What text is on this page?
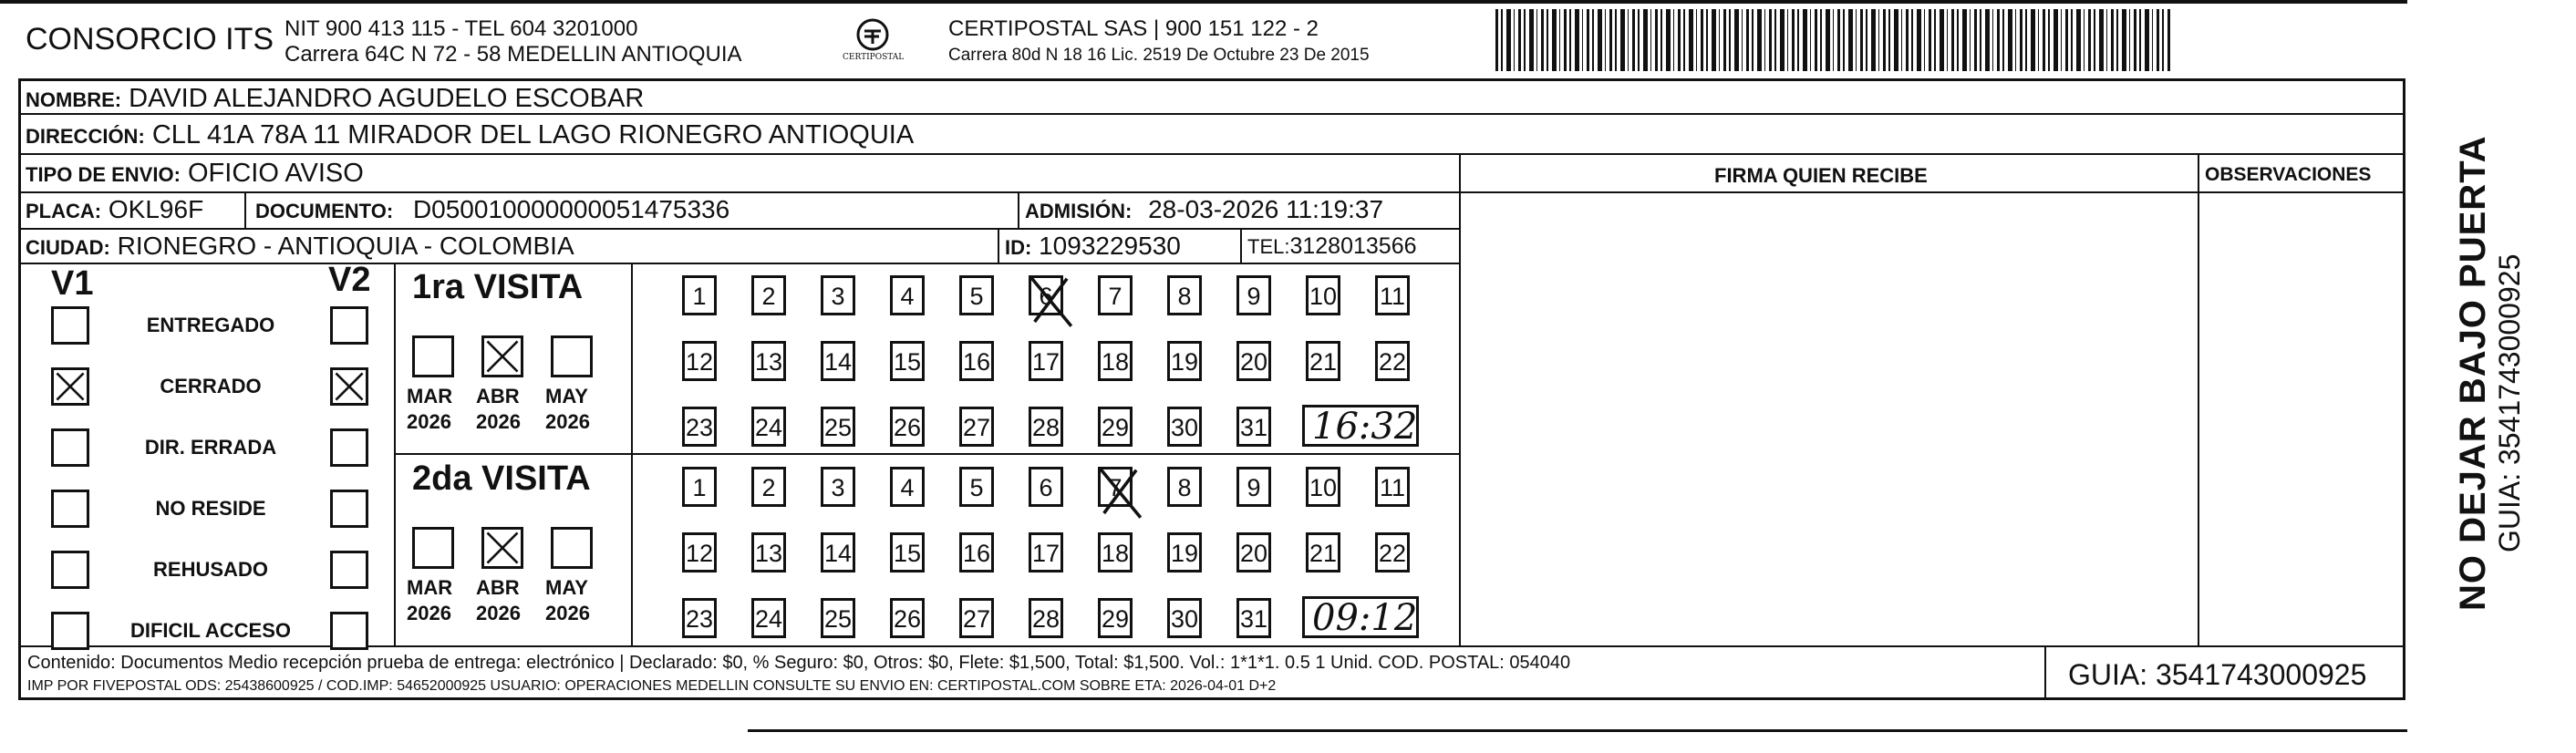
CONSORCIO ITS NIT 900 413 115 - TEL 604 3201000
Carrera 64C N 72 - 58 MEDELLIN ANTIOQUIA	CERTIPOSTAL
CERTIPOSTAL SAS | 900 151 122 - 2
Carrera 80d N 18 16 Lic. 2519 De Octubre 23 De 2015
NOMBRE: DAVID ALEJANDRO AGUDELO ESCOBAR
DIRECCIÓN: CLL 41A 78A 11 MIRADOR DEL LAGO RIONEGRO ANTIOQUIA
TIPO DE ENVIO: OFICIO AVISO	FIRMA QUIEN RECIBE	OBSERVACIONES
PLACA: OKL96F	DOCUMENTO: D050010000000051475336	ADMISIÓN: 28-03-2026 11:19:37
CIUDAD: RIONEGRO - ANTIOQUIA - COLOMBIA	ID: 1093229530	TEL:3128013566
V1	V2
ENTREGADO
CERRADO
DIR. ERRADA
NO RESIDE
REHUSADO
DIFICIL ACCESO
1ra VISITA
MAR
2026
ABR
2026
MAY
2026
1	2	3	4	5	6	7	8	9	10 11
12 13 14 15 16 17 18 19 20 21 22
23 24 25 26 27 28 29 30 31 16:32
2da VISITA
MAR
2026
ABR
2026
MAY
2026
1	2	3	4	5	6	7	8	9	10 11
12 13 14 15 16 17 18 19 20 21 22
23 24 25 26 27 28 29 30 31 09:12
Contenido: Documentos Medio recepción prueba de entrega: electrónico | Declarado: $0, % Seguro: $0, Otros: $0, Flete: $1,500, Total: $1,500. Vol.: 1*1*1. 0.5 1 Unid. COD. POSTAL: 054040
IMP POR FIVEPOSTAL ODS: 25438600925 / COD.IMP: 54652000925 USUARIO: OPERACIONES MEDELLIN CONSULTE SU ENVIO EN: CERTIPOSTAL.COM SOBRE ETA: 2026-04-01 D+2	GUIA: 3541743000925
NO DEJAR BAJO PUERTA GUIA: 3541743000925
